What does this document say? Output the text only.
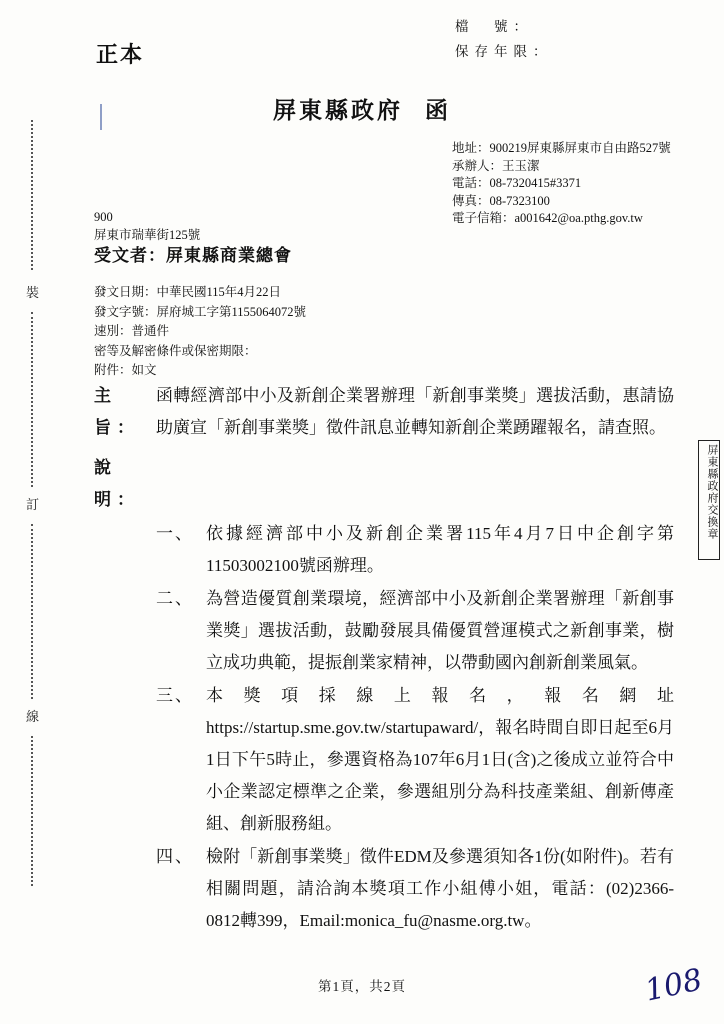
檔　號：
保存年限：
正本
屏東縣政府 函
地址：900219屏東縣屏東市自由路527號
承辦人：王玉潔
電話：08-7320415#3371
傳真：08-7323100
電子信箱：a001642@oa.pthg.gov.tw
900
屏東市瑞華街125號
受文者：屏東縣商業總會
發文日期：中華民國115年4月22日
發文字號：屏府城工字第1155064072號
速別：普通件
密等及解密條件或保密期限：
附件：如文
主旨：

函轉經濟部中小及新創企業署辦理「新創事業獎」選拔活動，惠請協助廣宣「新創事業獎」徵件訊息並轉知新創企業踴躍報名，請查照。

說明：
一、 依據經濟部中小及新創企業署115年4月7日中企創字第11503002100號函辦理。
二、 為營造優質創業環境，經濟部中小及新創企業署辦理「新創事業獎」選拔活動，鼓勵發展具備優質營運模式之新創事業，樹立成功典範，提振創業家精神，以帶動國內創新創業風氣。
三、 本獎項採線上報名，報名網址https://startup.sme.gov.tw/startupaward/，報名時間自即日起至6月1日下午5時止，參選資格為107年6月1日(含)之後成立並符合中小企業認定標準之企業，參選組別分為科技產業組、創新傳產組、創新服務組。
四、 檢附「新創事業獎」徵件EDM及參選須知各1份(如附件)。若有相關問題，請洽詢本獎項工作小組傅小姐，電話：(02)2366-0812轉399，Email:monica_fu@nasme.org.tw。
裝
訂
線
屏東縣政府交換章
第1頁，共2頁	108
